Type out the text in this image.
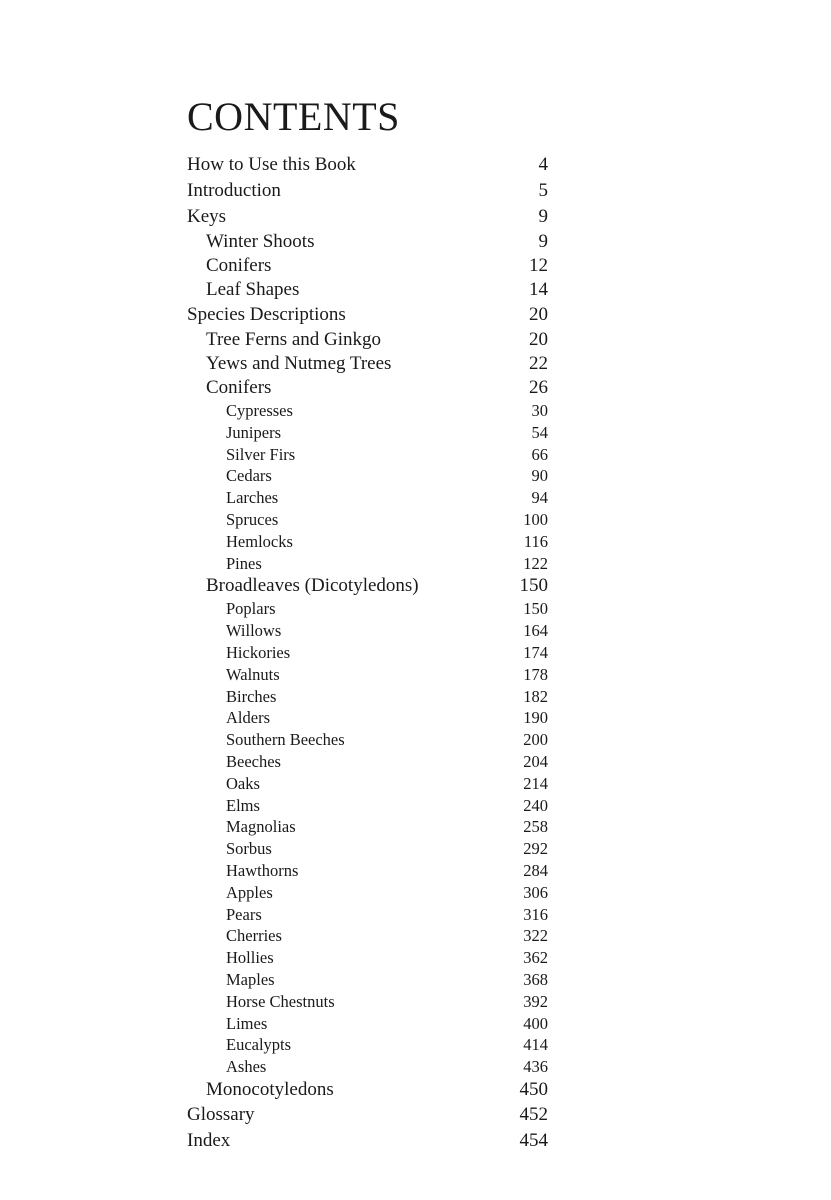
CONTENTS
How to Use this Book	4
Introduction	5
Keys	9
Winter Shoots	9
Conifers	12
Leaf Shapes	14
Species Descriptions	20
Tree Ferns and Ginkgo	20
Yews and Nutmeg Trees	22
Conifers	26
Cypresses	30
Junipers	54
Silver Firs	66
Cedars	90
Larches	94
Spruces	100
Hemlocks	116
Pines	122
Broadleaves (Dicotyledons)	150
Poplars	150
Willows	164
Hickories	174
Walnuts	178
Birches	182
Alders	190
Southern Beeches	200
Beeches	204
Oaks	214
Elms	240
Magnolias	258
Sorbus	292
Hawthorns	284
Apples	306
Pears	316
Cherries	322
Hollies	362
Maples	368
Horse Chestnuts	392
Limes	400
Eucalypts	414
Ashes	436
Monocotyledons	450
Glossary	452
Index	454
